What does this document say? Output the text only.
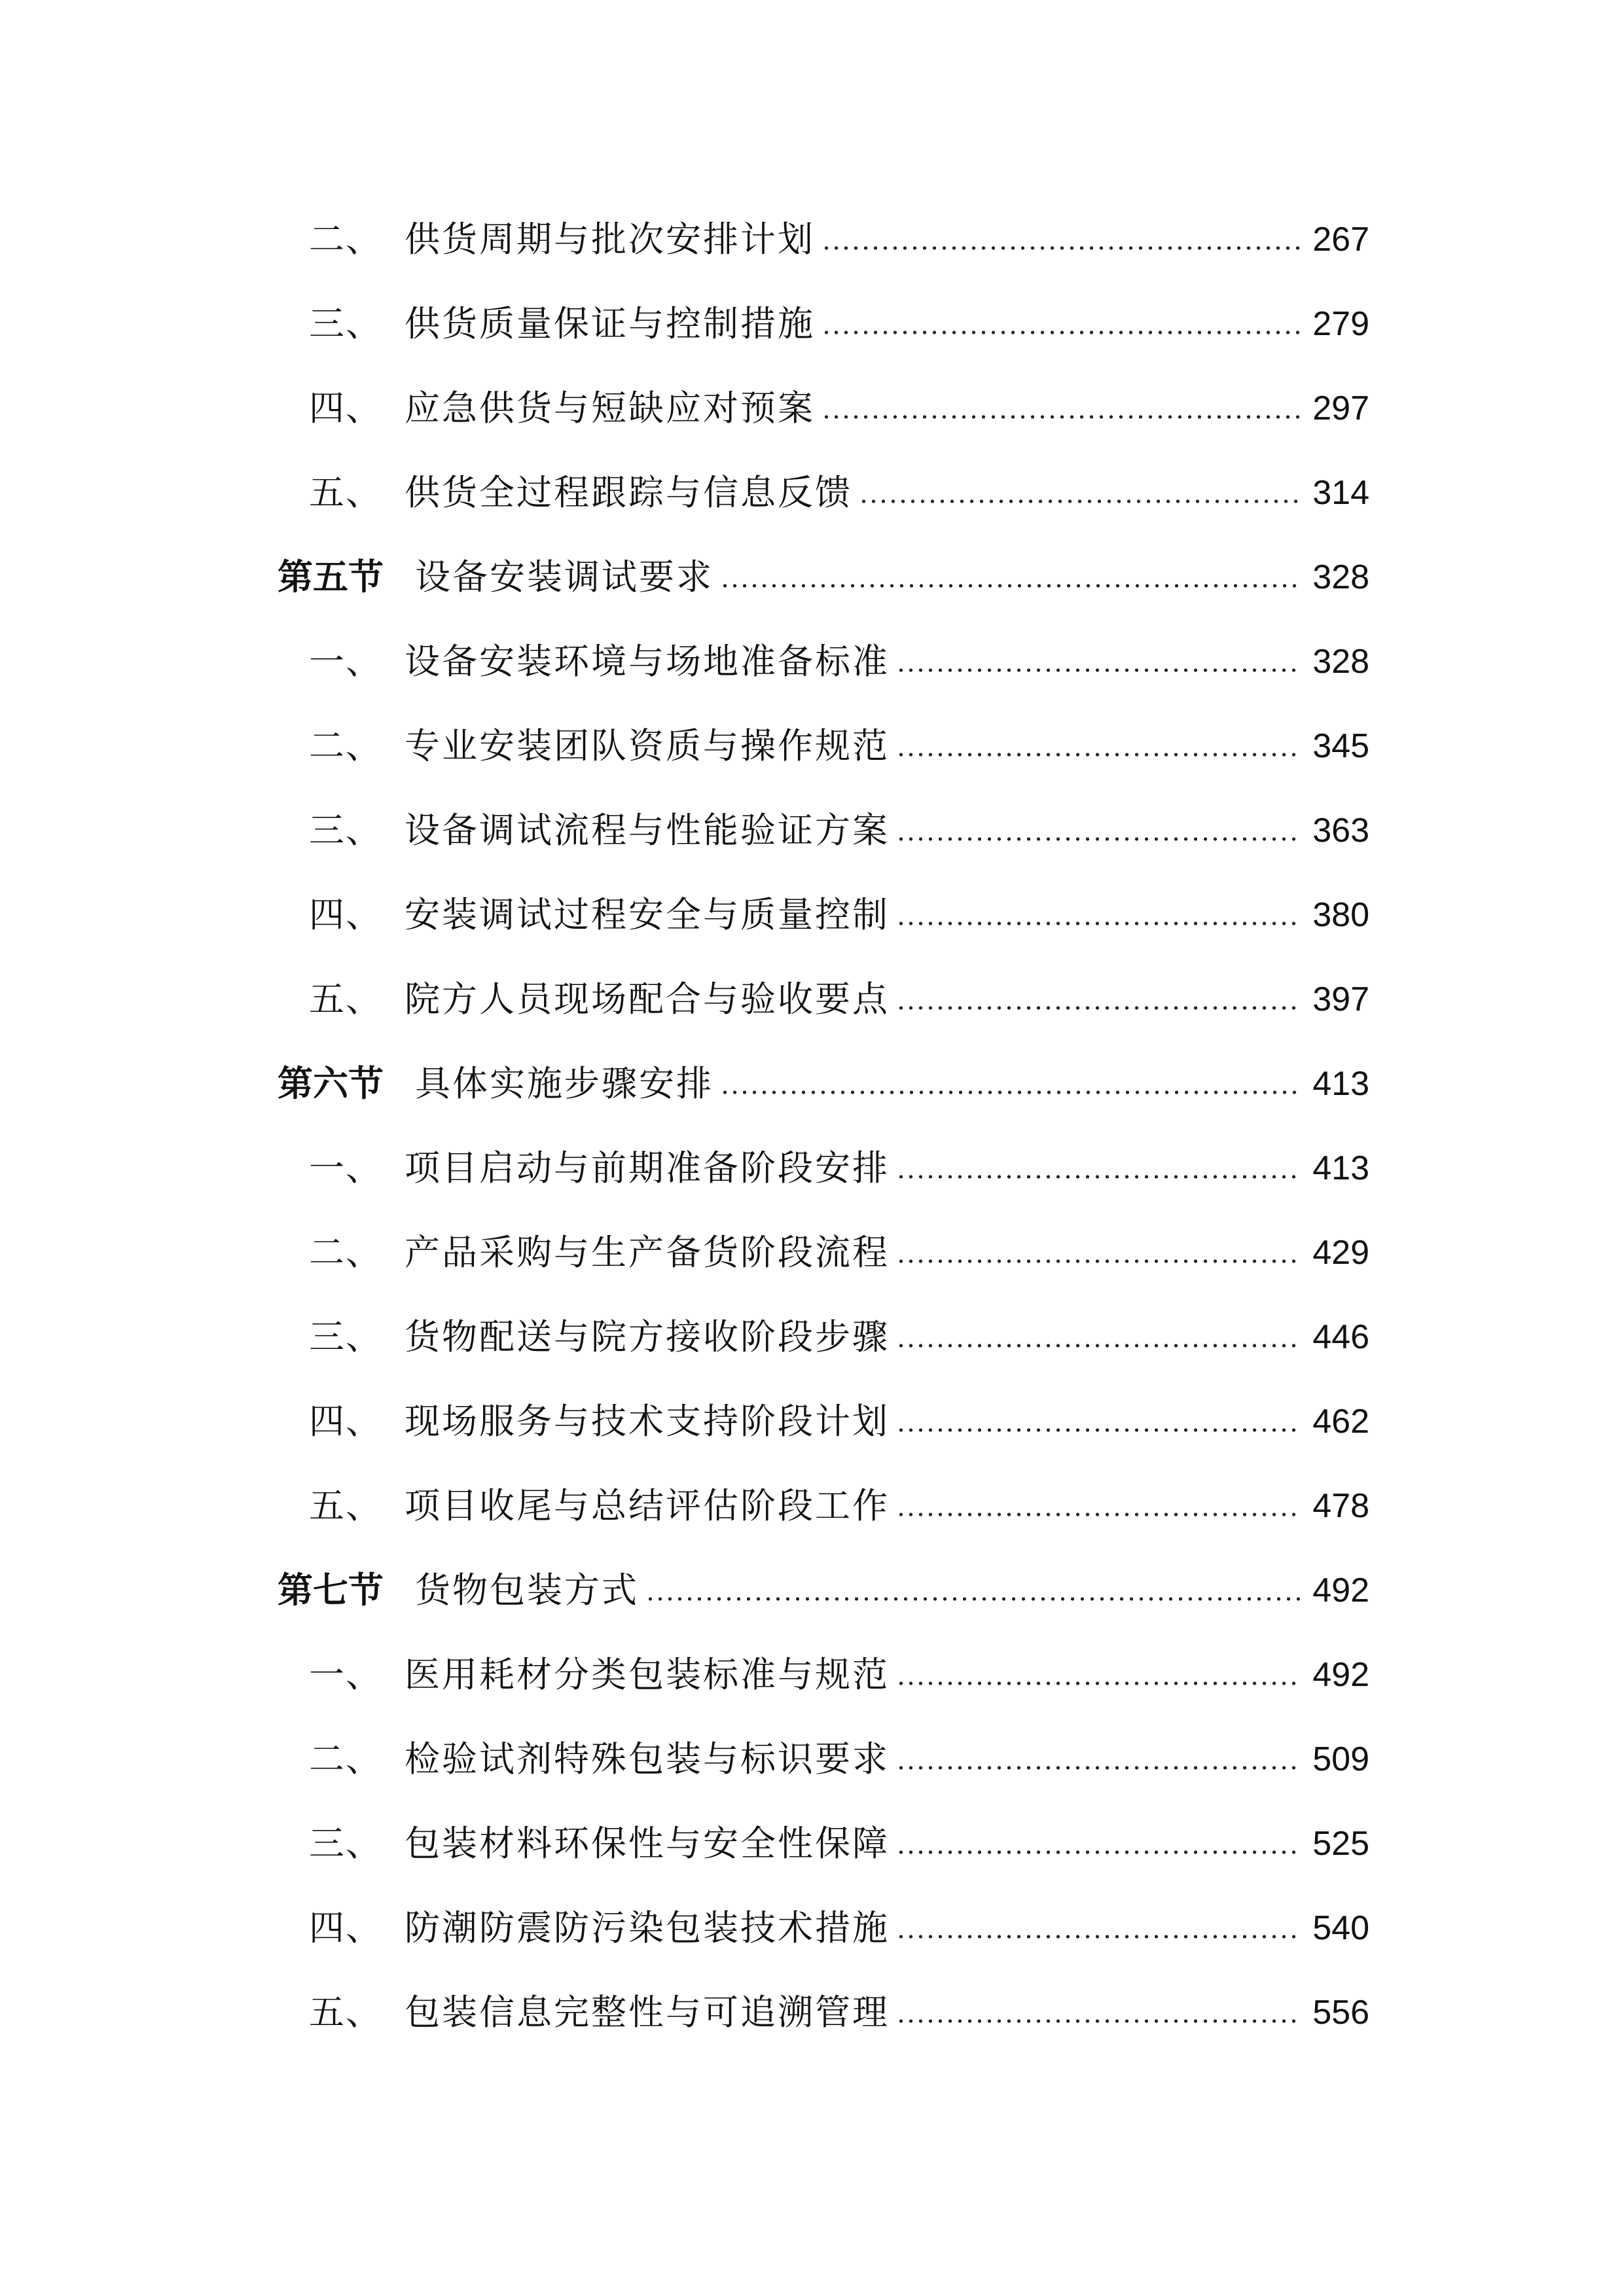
二、 供货周期与批次安排计划	267
三、 供货质量保证与控制措施	279
四、 应急供货与短缺应对预案	297
五、 供货全过程跟踪与信息反馈	314
第五节 设备安装调试要求	328
一、 设备安装环境与场地准备标准	328
二、 专业安装团队资质与操作规范	345
三、 设备调试流程与性能验证方案	363
四、 安装调试过程安全与质量控制	380
五、 院方人员现场配合与验收要点	397
第六节 具体实施步骤安排	413
一、 项目启动与前期准备阶段安排	413
二、 产品采购与生产备货阶段流程	429
三、 货物配送与院方接收阶段步骤	446
四、 现场服务与技术支持阶段计划	462
五、 项目收尾与总结评估阶段工作	478
第七节 货物包装方式	492
一、 医用耗材分类包装标准与规范	492
二、 检验试剂特殊包装与标识要求	509
三、 包装材料环保性与安全性保障	525
四、 防潮防震防污染包装技术措施	540
五、 包装信息完整性与可追溯管理	556
